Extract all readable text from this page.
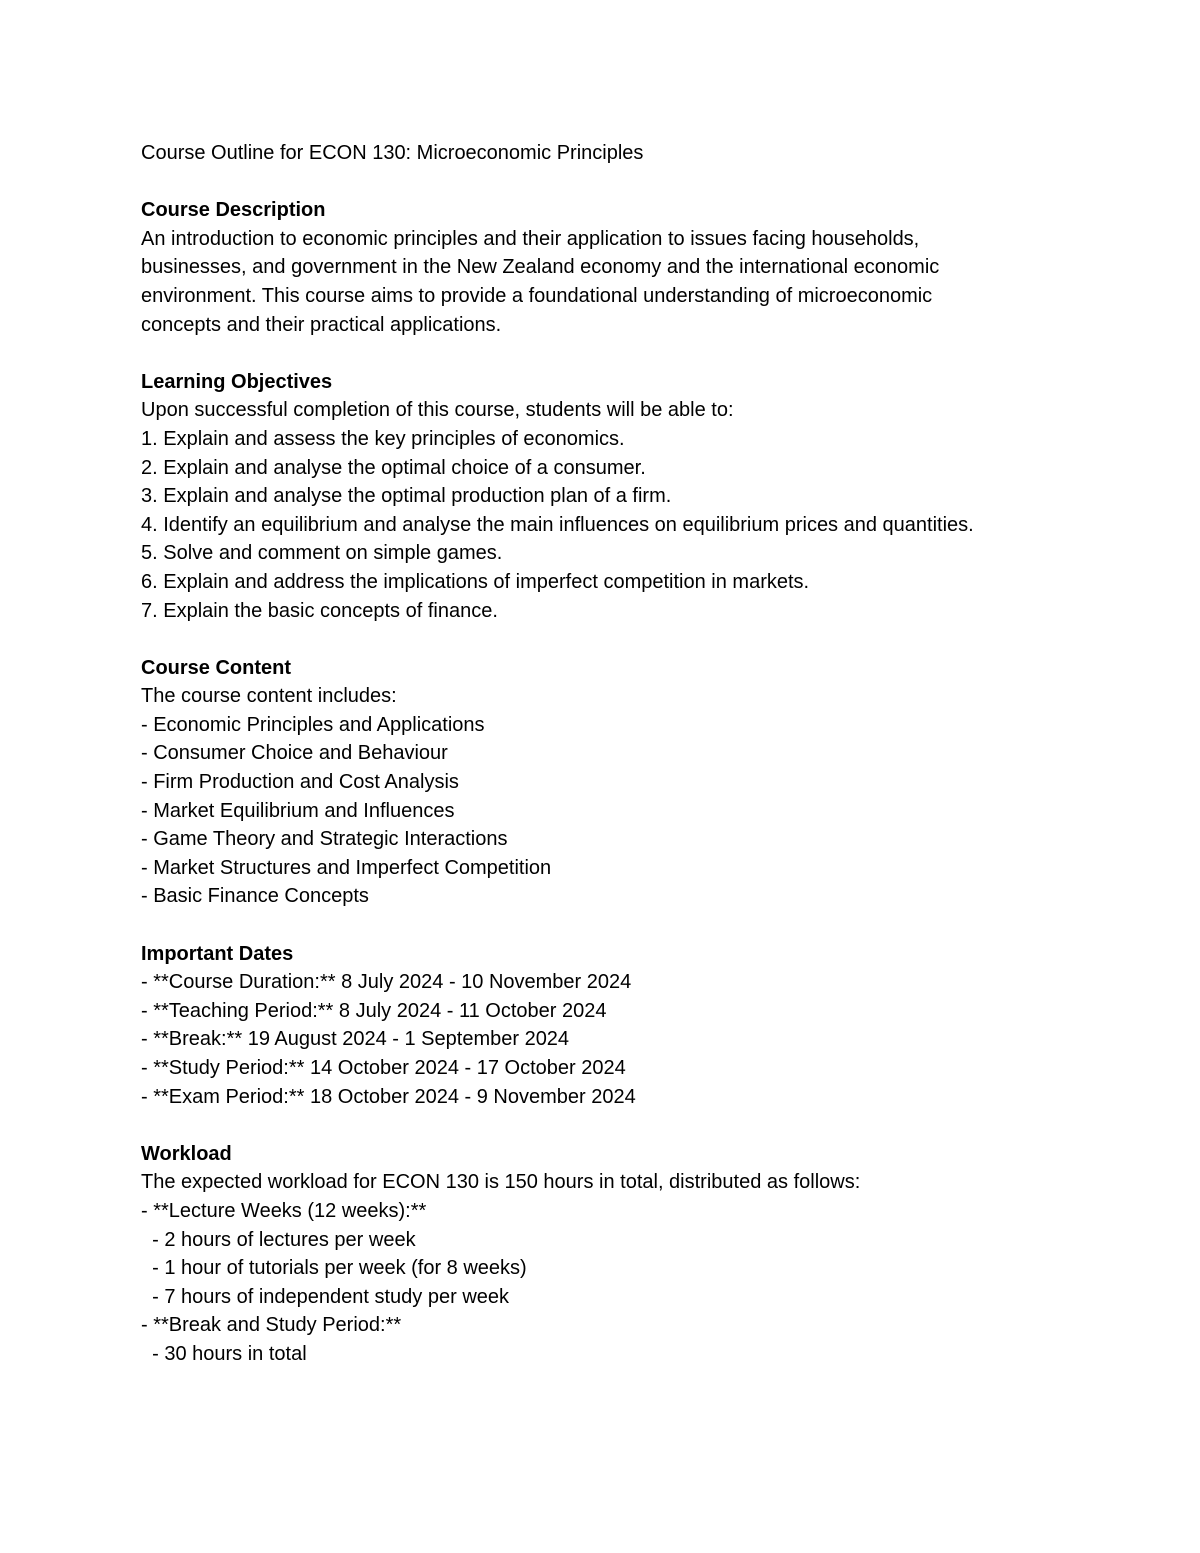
Course Outline for ECON 130: Microeconomic Principles

Course Description

An introduction to economic principles and their application to issues facing households,

businesses, and government in the New Zealand economy and the international economic

environment. This course aims to provide a foundational understanding of microeconomic

concepts and their practical applications.

Learning Objectives

Upon successful completion of this course, students will be able to:

1. Explain and assess the key principles of economics.
2. Explain and analyse the optimal choice of a consumer.
3. Explain and analyse the optimal production plan of a firm.
4. Identify an equilibrium and analyse the main influences on equilibrium prices and quantities.
5. Solve and comment on simple games.
6. Explain and address the implications of imperfect competition in markets.
7. Explain the basic concepts of finance.

Course Content

The course content includes:

- Economic Principles and Applications
- Consumer Choice and Behaviour
- Firm Production and Cost Analysis
- Market Equilibrium and Influences
- Game Theory and Strategic Interactions
- Market Structures and Imperfect Competition
- Basic Finance Concepts

Important Dates

- **Course Duration:** 8 July 2024 - 10 November 2024
- **Teaching Period:** 8 July 2024 - 11 October 2024
- **Break:** 19 August 2024 - 1 September 2024
- **Study Period:** 14 October 2024 - 17 October 2024
- **Exam Period:** 18 October 2024 - 9 November 2024

Workload

The expected workload for ECON 130 is 150 hours in total, distributed as follows:

- **Lecture Weeks (12 weeks):**
- 2 hours of lectures per week
- 1 hour of tutorials per week (for 8 weeks)
- 7 hours of independent study per week
- **Break and Study Period:**
- 30 hours in total
